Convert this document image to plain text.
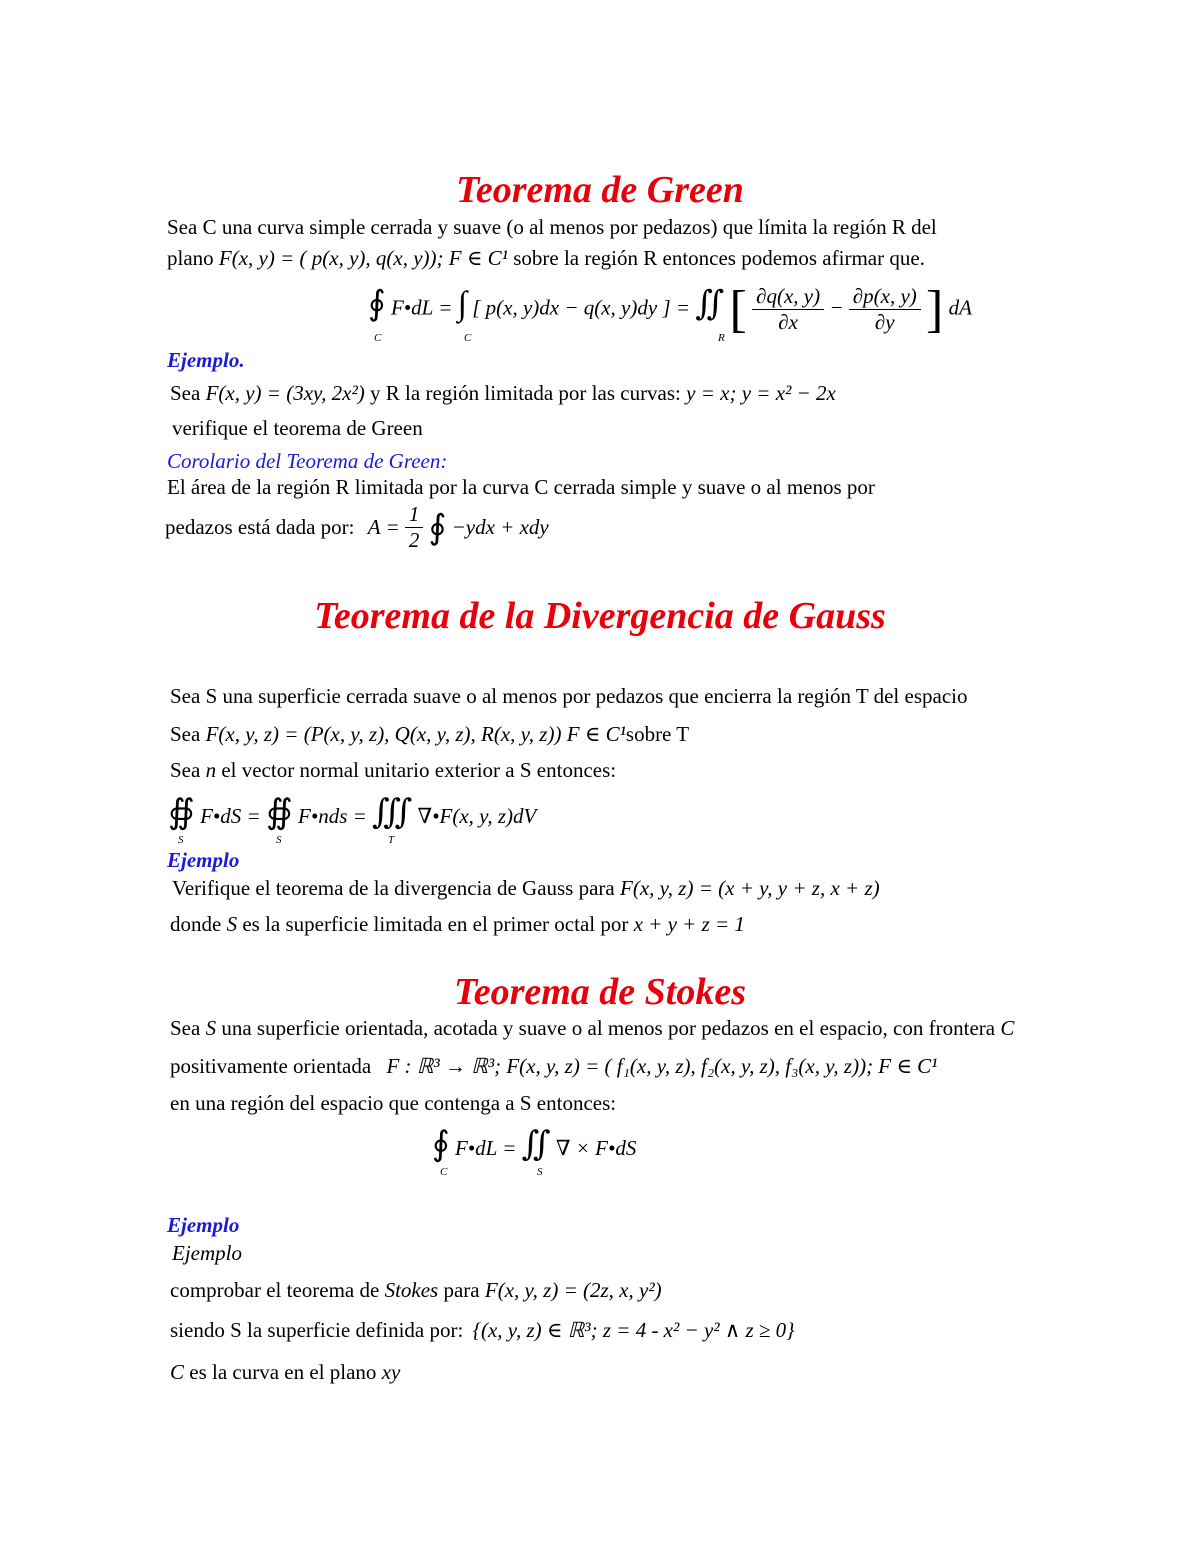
Teorema de Green
Sea C una curva simple cerrada y suave (o al menos por pedazos) que límita la región R del
plano F(x, y) = ( p(x, y), q(x, y)); F ∈ C¹ sobre la región R entonces podemos afirmar que.
∮ F•dL = ∫ [ p(x, y)dx − q(x, y)dy ] = ∬ [ $\frac{\partial q(x, y)}{\partial x} - \frac{\partial p(x, y)}{\partial y}$ ] dA
C	C	R
Ejemplo.
Sea F(x, y) = (3xy, 2x²) y R la región limitada por las curvas: y = x; y = x² − 2x
verifique el teorema de Green
Corolario del Teorema de Green:
El área de la región R limitada por la curva C cerrada simple y suave o al menos por
pedazos está dada por: $A = \frac{1}{2}$ ∮ −ydx + xdy
Teorema de la Divergencia de Gauss
Sea S una superficie cerrada suave o al menos por pedazos que encierra la región T del espacio
Sea F(x, y, z) = (P(x, y, z), Q(x, y, z), R(x, y, z)) F ∈ C¹sobre T
Sea n el vector normal unitario exterior a S entonces:
∯ F•dS = ∯ F•nds = ∭ ∇•F(x, y, z)dV
S	S	T
Ejemplo
Verifique el teorema de la divergencia de Gauss para F(x, y, z) = (x + y, y + z, x + z)
donde S es la superficie limitada en el primer octal por x + y + z = 1
Teorema de Stokes
Sea S una superficie orientada, acotada y suave o al menos por pedazos en el espacio, con frontera C
positivamente orientada F : ℝ³ → ℝ³; F(x, y, z) = ( f₁(x, y, z), f₂(x, y, z), f₃(x, y, z)); F ∈ C¹
en una región del espacio que contenga a S entonces:
∮ F•dL = ∬ ∇ × F•dS
C	S
Ejemplo
Ejemplo
comprobar el teorema de Stokes para F(x, y, z) = (2z, x, y²)
siendo S la superficie definida por: {(x, y, z) ∈ ℝ³; z = 4 - x² − y² ∧ z ≥ 0}
C es la curva en el plano xy
